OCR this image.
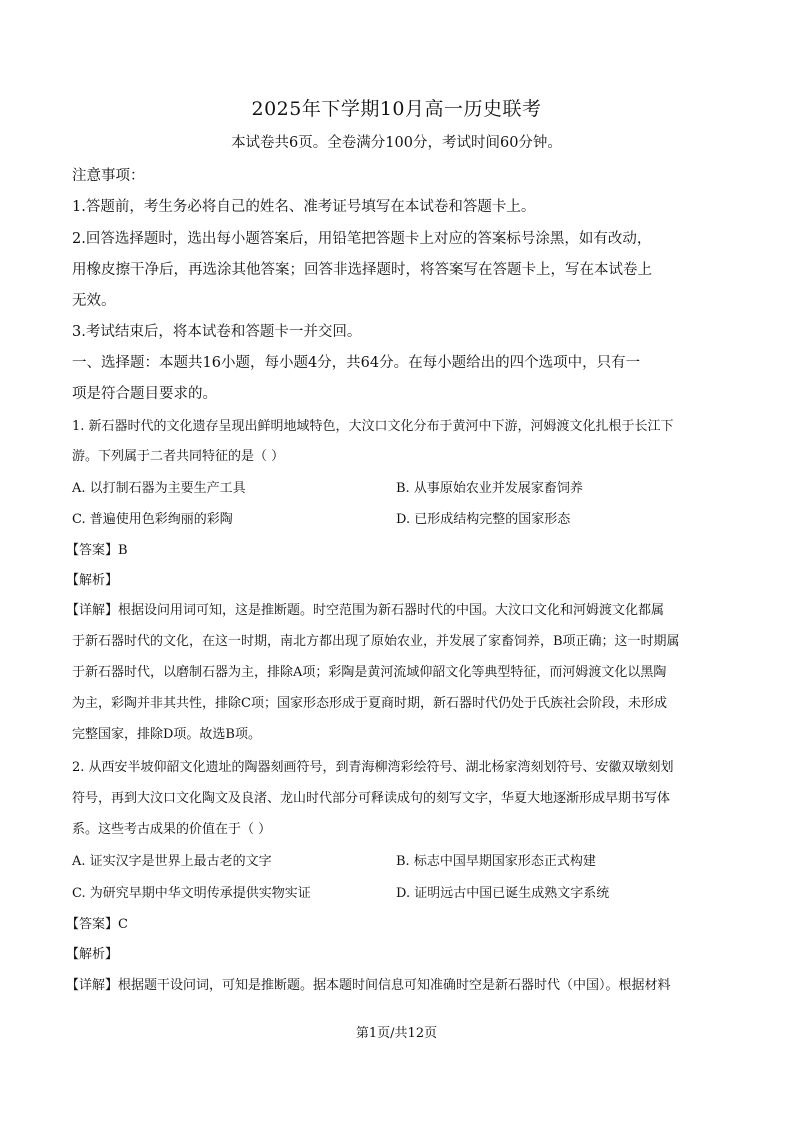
2025年下学期10月高一历史联考
本试卷共6页。全卷满分100分，考试时间60分钟。
注意事项：
1.答题前，考生务必将自己的姓名、准考证号填写在本试卷和答题卡上。
2.回答选择题时，选出每小题答案后，用铅笔把答题卡上对应的答案标号涂黑，如有改动，
用橡皮擦干净后，再选涂其他答案；回答非选择题时，将答案写在答题卡上，写在本试卷上
无效。
3.考试结束后，将本试卷和答题卡一并交回。
一、选择题：本题共16小题，每小题4分，共64分。在每小题给出的四个选项中，只有一
项是符合题目要求的。
1. 新石器时代的文化遗存呈现出鲜明地域特色，大汶口文化分布于黄河中下游，河姆渡文化扎根于长江下
游。下列属于二者共同特征的是（ ）
A. 以打制石器为主要生产工具	B. 从事原始农业并发展家畜饲养
C. 普遍使用色彩绚丽的彩陶	D. 已形成结构完整的国家形态
【答案】B
【解析】
【详解】根据设问用词可知，这是推断题。时空范围为新石器时代的中国。大汶口文化和河姆渡文化都属
于新石器时代的文化，在这一时期，南北方都出现了原始农业，并发展了家畜饲养，B项正确；这一时期属
于新石器时代，以磨制石器为主，排除A项；彩陶是黄河流域仰韶文化等典型特征，而河姆渡文化以黑陶
为主，彩陶并非其共性，排除C项；国家形态形成于夏商时期，新石器时代仍处于氏族社会阶段，未形成
完整国家，排除D项。故选B项。
2. 从西安半坡仰韶文化遗址的陶器刻画符号，到青海柳湾彩绘符号、湖北杨家湾刻划符号、安徽双墩刻划
符号，再到大汶口文化陶文及良渚、龙山时代部分可释读成句的刻写文字，华夏大地逐渐形成早期书写体
系。这些考古成果的价值在于（ ）
A. 证实汉字是世界上最古老的文字	B. 标志中国早期国家形态正式构建
C. 为研究早期中华文明传承提供实物实证	D. 证明远古中国已诞生成熟文字系统
【答案】C
【解析】
【详解】根据题干设问词，可知是推断题。据本题时间信息可知准确时空是新石器时代（中国）。根据材料
第1页/共12页
